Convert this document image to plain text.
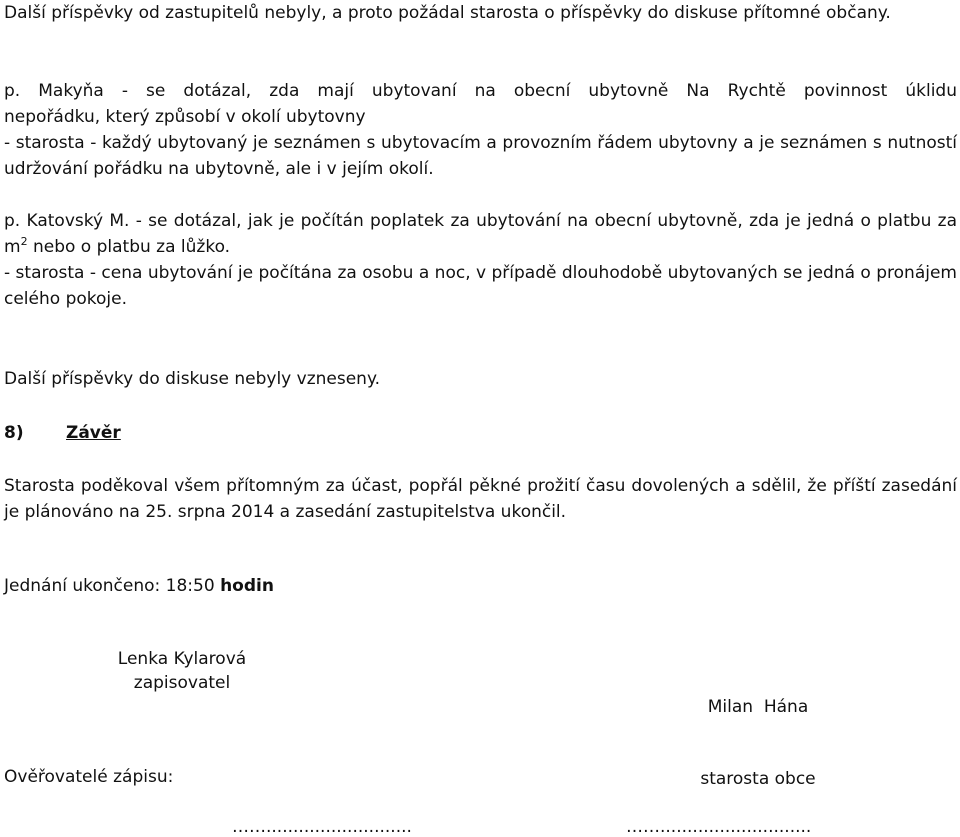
Další příspěvky od zastupitelů nebyly, a proto požádal starosta o příspěvky do diskuse přítomné občany.

p. Makyňa - se dotázal, zda mají ubytovaní na obecní ubytovně Na Rychtě povinnost úklidu
nepořádku, který způsobí v okolí ubytovny
- starosta - každý ubytovaný je seznámen s ubytovacím a provozním řádem ubytovny a je seznámen s nutností udržování pořádku na ubytovně, ale i v jejím okolí.
p. Katovský M. - se dotázal, jak je počítán poplatek za ubytování na obecní ubytovně, zda je jedná o platbu za $m^2$ nebo o platbu za lůžko.
- starosta - cena ubytování je počítána za osobu a noc, v případě dlouhodobě ubytovaných se jedná o pronájem celého pokoje.

Další příspěvky do diskuse nebyly vzneseny.

8) Závěr

Starosta poděkoval všem přítomným za účast, popřál pěkné prožití času dovolených a sdělil, že příští zasedání je plánováno na 25. srpna 2014 a zasedání zastupitelstva ukončil.

Jednání ukončeno: 18:50 hodin

Lenka Kylarová
zapisovatel

Milan  Hána

starosta obce

Ověřovatelé zápisu:

……...........................	……............................
